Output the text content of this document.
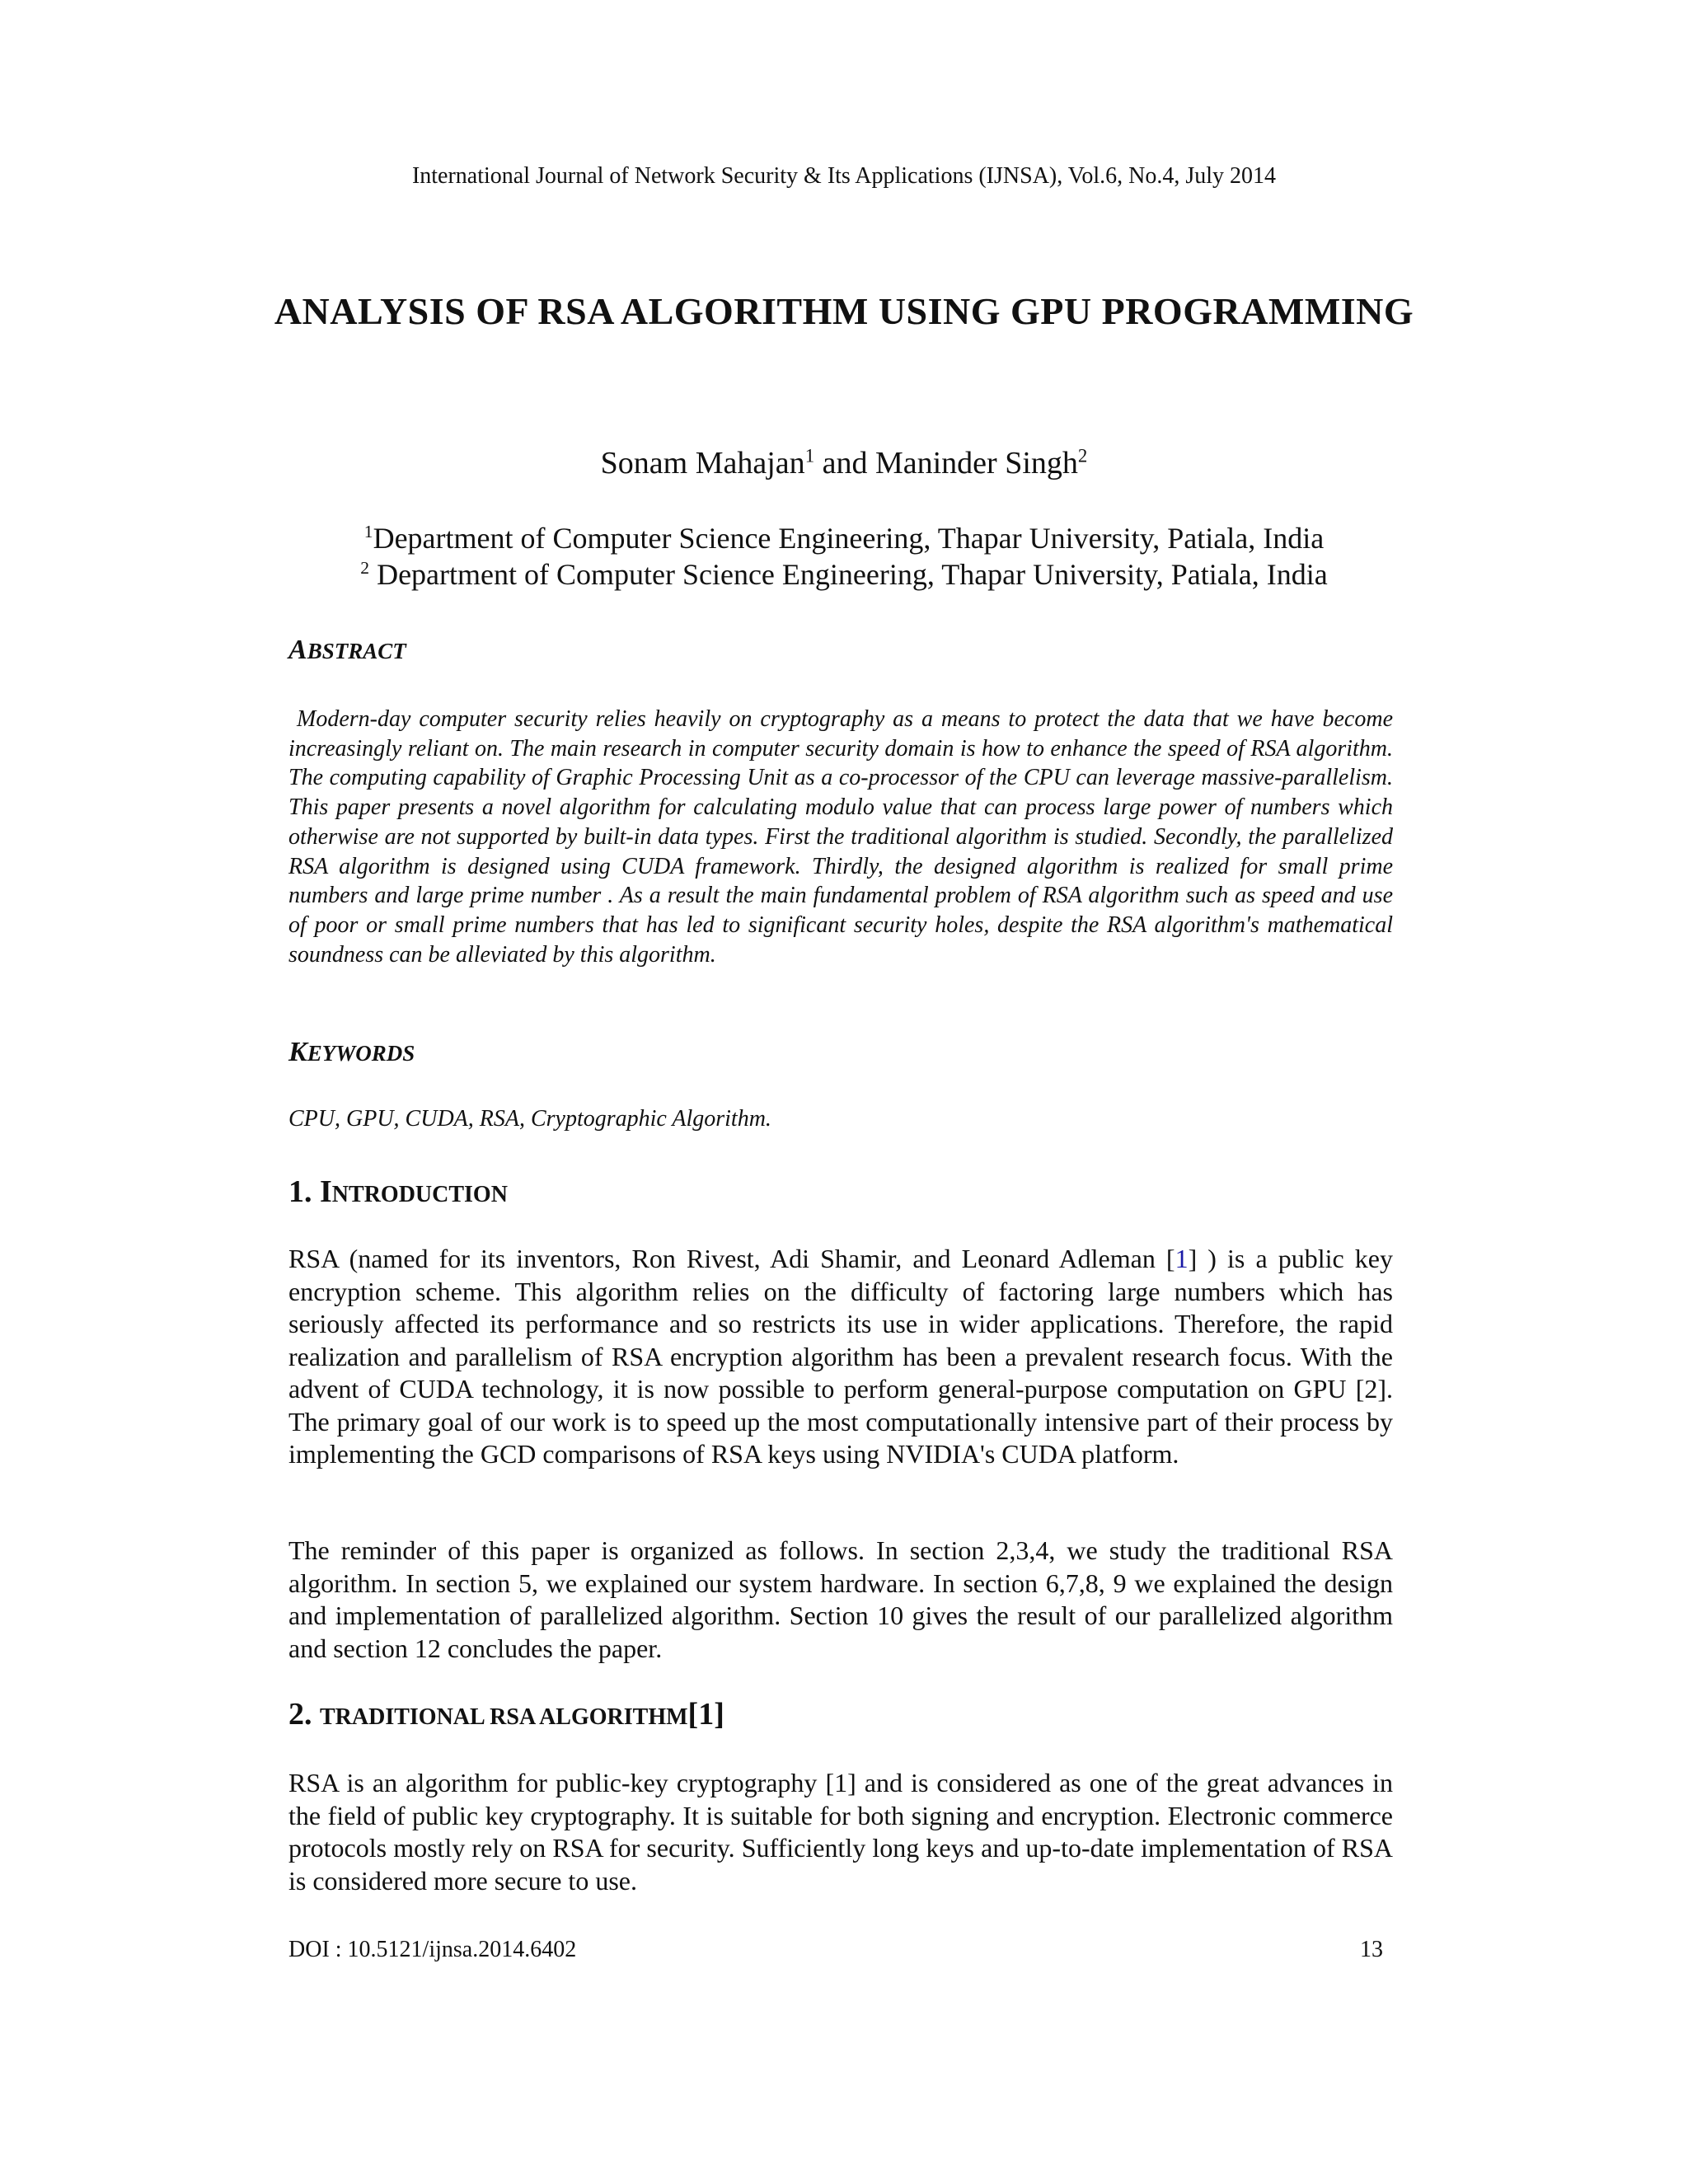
International Journal of Network Security & Its Applications (IJNSA), Vol.6, No.4, July 2014
ANALYSIS OF RSA ALGORITHM USING GPU PROGRAMMING
Sonam Mahajan$^1$ and Maninder Singh$^2$
$^1$Department of Computer Science Engineering, Thapar University, Patiala, India
$^2$ Department of Computer Science Engineering, Thapar University, Patiala, India
ABSTRACT
Modern-day computer security relies heavily on cryptography as a means to protect the data that we have become increasingly reliant on. The main research in computer security domain is how to enhance the speed of RSA algorithm. The computing capability of Graphic Processing Unit as a co-processor of the CPU can leverage massive-parallelism. This paper presents a novel algorithm for calculating modulo value that can process large power of numbers which otherwise are not supported by built-in data types. First the traditional algorithm is studied. Secondly, the parallelized RSA algorithm is designed using CUDA framework. Thirdly, the designed algorithm is realized for small prime numbers and large prime number . As a result the main fundamental problem of RSA algorithm such as speed and use of poor or small prime numbers that has led to significant security holes, despite the RSA algorithm's mathematical soundness can be alleviated by this algorithm.
KEYWORDS
CPU, GPU, CUDA, RSA, Cryptographic Algorithm.
1. INTRODUCTION
RSA (named for its inventors, Ron Rivest, Adi Shamir, and Leonard Adleman [1] ) is a public key encryption scheme. This algorithm relies on the difficulty of factoring large numbers which has seriously affected its performance and so restricts its use in wider applications. Therefore, the rapid realization and parallelism of RSA encryption algorithm has been a prevalent research focus. With the advent of CUDA technology, it is now possible to perform general-purpose computation on GPU [2]. The primary goal of our work is to speed up the most computationally intensive part of their process by implementing the GCD comparisons of RSA keys using NVIDIA's CUDA platform.
The reminder of this paper is organized as follows. In section 2,3,4, we study the traditional RSA algorithm. In section 5, we explained our system hardware. In section 6,7,8, 9 we explained the design and implementation of parallelized algorithm. Section 10 gives the result of our parallelized algorithm and section 12 concludes the paper.
2. TRADITIONAL RSA ALGORITHM[1]
RSA is an algorithm for public-key cryptography [1] and is considered as one of the great advances in the field of public key cryptography. It is suitable for both signing and encryption. Electronic commerce protocols mostly rely on RSA for security. Sufficiently long keys and up-to-date implementation of RSA is considered more secure to use.
DOI : 10.5121/ijnsa.2014.6402	13
